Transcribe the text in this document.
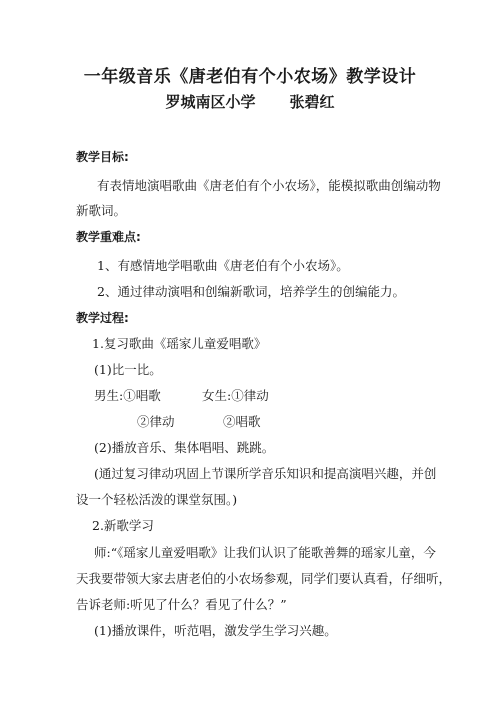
一年级音乐《唐老伯有个小农场》教学设计
罗城南区小学 张碧红
教学目标:
有表情地演唱歌曲《唐老伯有个小农场》，能模拟歌曲创编动物
新歌词。
教学重难点:
1、有感情地学唱歌曲《唐老伯有个小农场》。
2、通过律动演唱和创编新歌词，培养学生的创编能力。
教学过程:
1.复习歌曲《瑶家儿童爱唱歌》
(1)比一比。
男生:①唱歌	女生:①律动
②律动	②唱歌
(2)播放音乐、集体唱唱、跳跳。
(通过复习律动巩固上节课所学音乐知识和提高演唱兴趣，并创
设一个轻松活泼的课堂氛围。)
2.新歌学习
师:“《瑶家儿童爱唱歌》让我们认识了能歌善舞的瑶家儿童，今
天我要带领大家去唐老伯的小农场参观，同学们要认真看，仔细听，
告诉老师:听见了什么？看见了什么？”
(1)播放课件，听范唱，激发学生学习兴趣。
